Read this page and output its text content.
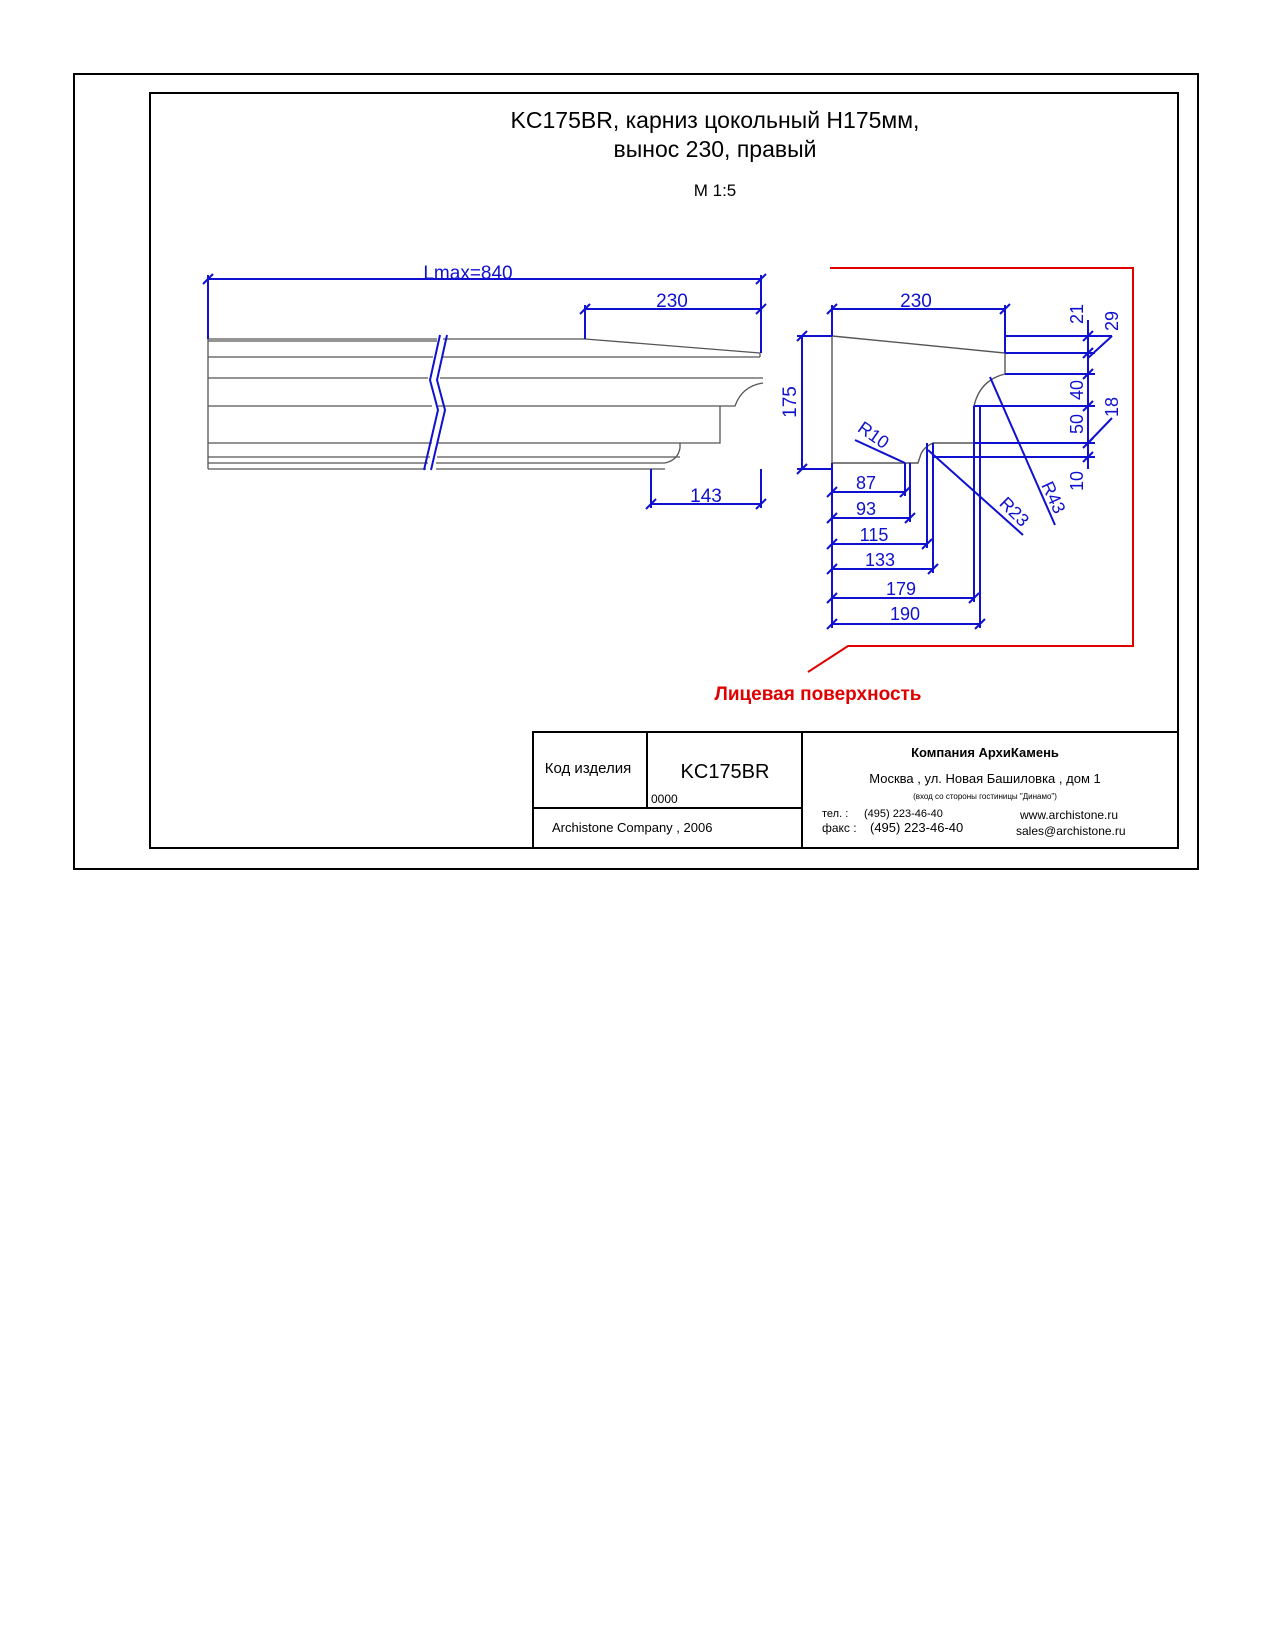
KC175BR, карниз цокольный H175мм,
вынос 230, правый
М 1:5
Lmax=840
230
143
230
175
21 29
40
50
18
10
R10
R43
R23
87
93
115
133
179
190
Лицевая поверхность
Код изделия KC175BR
0000
Archistone Company , 2006
Компания АрхиКамень
Москва , ул. Новая Башиловка , дом 1
(вход со стороны гостиницы "Динамо")
тел. : (495) 223-46-40
факс : (495) 223-46-40
www.archistone.ru
sales@archistone.ru
